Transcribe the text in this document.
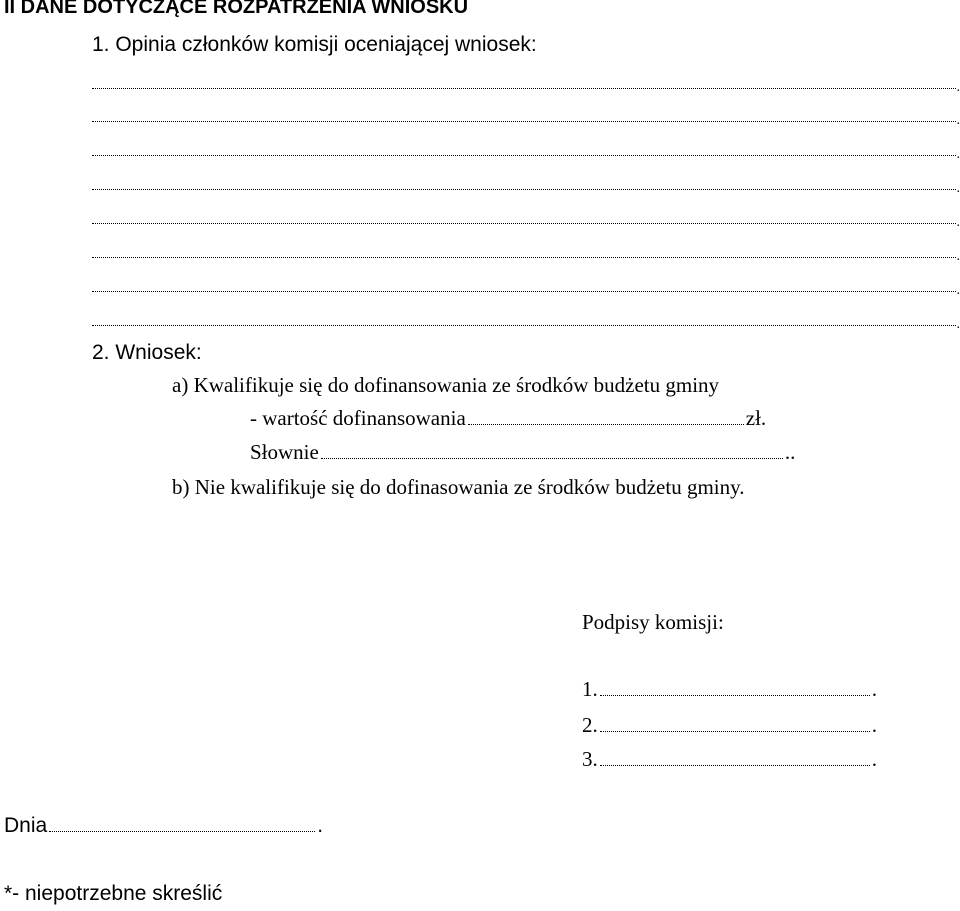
II DANE DOTYCZĄCE ROZPATRZENIA WNIOSKU
1. Opinia członków komisji oceniającej wniosek:
.
.
.
.
.
.
.
.
2. Wniosek:
a) Kwalifikuje się do dofinansowania ze środków budżetu gminy
- wartość dofinansowania	zł.
Słownie	..
b) Nie kwalifikuje się do dofinasowania ze środków budżetu gminy.
Podpisy komisji:
1.	.
2.	.
3.	.
Dnia	.
*- niepotrzebne skreślić
